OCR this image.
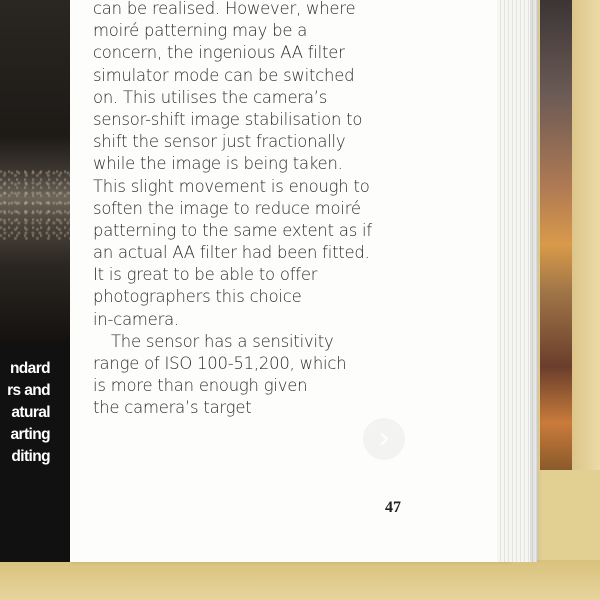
ndard
rs and
atural
arting
diting
can be realised. However, where
moiré patterning may be a
concern, the ingenious AA filter
simulator mode can be switched
on. This utilises the camera’s
sensor-shift image stabilisation to
shift the sensor just fractionally
while the image is being taken.
This slight movement is enough to
soften the image to reduce moiré
patterning to the same extent as if
an actual AA filter had been fitted.
It is great to be able to offer
photographers this choice
in-camera.
The sensor has a sensitivity
range of ISO 100-51,200, which
is more than enough given
the camera’s target
47
